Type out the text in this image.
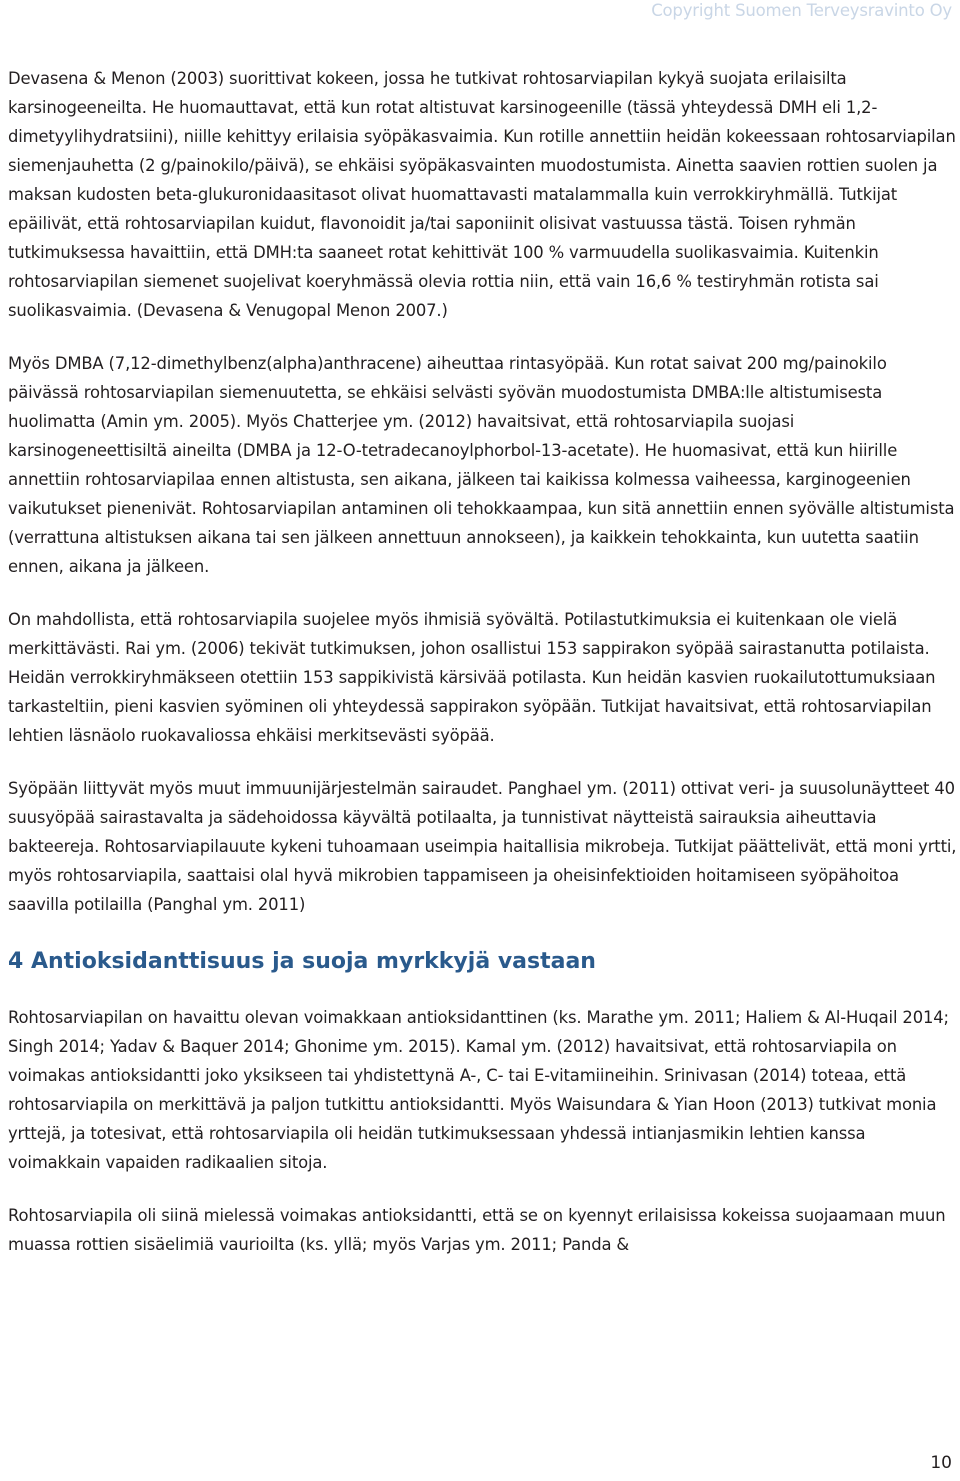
Copyright Suomen Terveysravinto Oy

Devasena & Menon (2003) suorittivat kokeen, jossa he tutkivat rohtosarviapilan kykyä suojata erilaisilta karsinogeeneilta. He huomauttavat, että kun rotat altistuvat karsinogeenille (tässä yhteydessä DMH eli 1,2-dimetyylihydratsiini), niille kehittyy erilaisia syöpäkasvaimia. Kun rotille annettiin heidän kokeessaan rohtosarviapilan siemenjauhetta (2 g/painokilo/päivä), se ehkäisi syöpäkasvainten muodostumista. Ainetta saavien rottien suolen ja maksan kudosten beta-glukuronidaasitasot olivat huomattavasti matalammalla kuin verrokkiryhmällä. Tutkijat epäilivät, että rohtosarviapilan kuidut, flavonoidit ja/tai saponiinit olisivat vastuussa tästä. Toisen ryhmän tutkimuksessa havaittiin, että DMH:ta saaneet rotat kehittivät 100 % varmuudella suolikasvaimia. Kuitenkin rohtosarviapilan siemenet suojelivat koeryhmässä olevia rottia niin, että vain 16,6 % testiryhmän rotista sai suolikasvaimia. (Devasena & Venugopal Menon 2007.)

Myös DMBA (7,12-dimethylbenz(alpha)anthracene) aiheuttaa rintasyöpää. Kun rotat saivat 200 mg/painokilo päivässä rohtosarviapilan siemenuutetta, se ehkäisi selvästi syövän muodostumista DMBA:lle altistumisesta huolimatta (Amin ym. 2005). Myös Chatterjee ym. (2012) havaitsivat, että rohtosarviapila suojasi karsinogeneettisiltä aineilta (DMBA ja 12-O-tetradecanoylphorbol-13-acetate). He huomasivat, että kun hiirille annettiin rohtosarviapilaa ennen altistusta, sen aikana, jälkeen tai kaikissa kolmessa vaiheessa, karginogeenien vaikutukset pienenivät. Rohtosarviapilan antaminen oli tehokkaampaa, kun sitä annettiin ennen syövälle altistumista (verrattuna altistuksen aikana tai sen jälkeen annettuun annokseen), ja kaikkein tehokkainta, kun uutetta saatiin ennen, aikana ja jälkeen.

On mahdollista, että rohtosarviapila suojelee myös ihmisiä syövältä. Potilastutkimuksia ei kuitenkaan ole vielä merkittävästi. Rai ym. (2006) tekivät tutkimuksen, johon osallistui 153 sappirakon syöpää sairastanutta potilaista. Heidän verrokkiryhmäkseen otettiin 153 sappikivistä kärsivää potilasta. Kun heidän kasvien ruokailutottumuksiaan tarkasteltiin, pieni kasvien syöminen oli yhteydessä sappirakon syöpään. Tutkijat havaitsivat, että rohtosarviapilan lehtien läsnäolo ruokavaliossa ehkäisi merkitsevästi syöpää.

Syöpään liittyvät myös muut immuunijärjestelmän sairaudet. Panghael ym. (2011) ottivat veri- ja suusolunäytteet 40 suusyöpää sairastavalta ja sädehoidossa käyvältä potilaalta, ja tunnistivat näytteistä sairauksia aiheuttavia bakteereja. Rohtosarviapilauute kykeni tuhoamaan useimpia haitallisia mikrobeja. Tutkijat päättelivät, että moni yrtti, myös rohtosarviapila, saattaisi olal hyvä mikrobien tappamiseen ja oheisinfektioiden hoitamiseen syöpähoitoa saavilla potilailla (Panghal ym. 2011)

4 Antioksidanttisuus ja suoja myrkkyjä vastaan

Rohtosarviapilan on havaittu olevan voimakkaan antioksidanttinen (ks. Marathe ym. 2011; Haliem & Al-Huqail 2014; Singh 2014; Yadav & Baquer 2014; Ghonime ym. 2015). Kamal ym. (2012) havaitsivat, että rohtosarviapila on voimakas antioksidantti joko yksikseen tai yhdistettynä A-, C- tai E-vitamiineihin. Srinivasan (2014) toteaa, että rohtosarviapila on merkittävä ja paljon tutkittu antioksidantti. Myös Waisundara & Yian Hoon (2013) tutkivat monia yrttejä, ja totesivat, että rohtosarviapila oli heidän tutkimuksessaan yhdessä intianjasmikin lehtien kanssa voimakkain vapaiden radikaalien sitoja.

Rohtosarviapila oli siinä mielessä voimakas antioksidantti, että se on kyennyt erilaisissa kokeissa suojaamaan muun muassa rottien sisäelimiä vaurioilta (ks. yllä; myös Varjas ym. 2011; Panda &

10
